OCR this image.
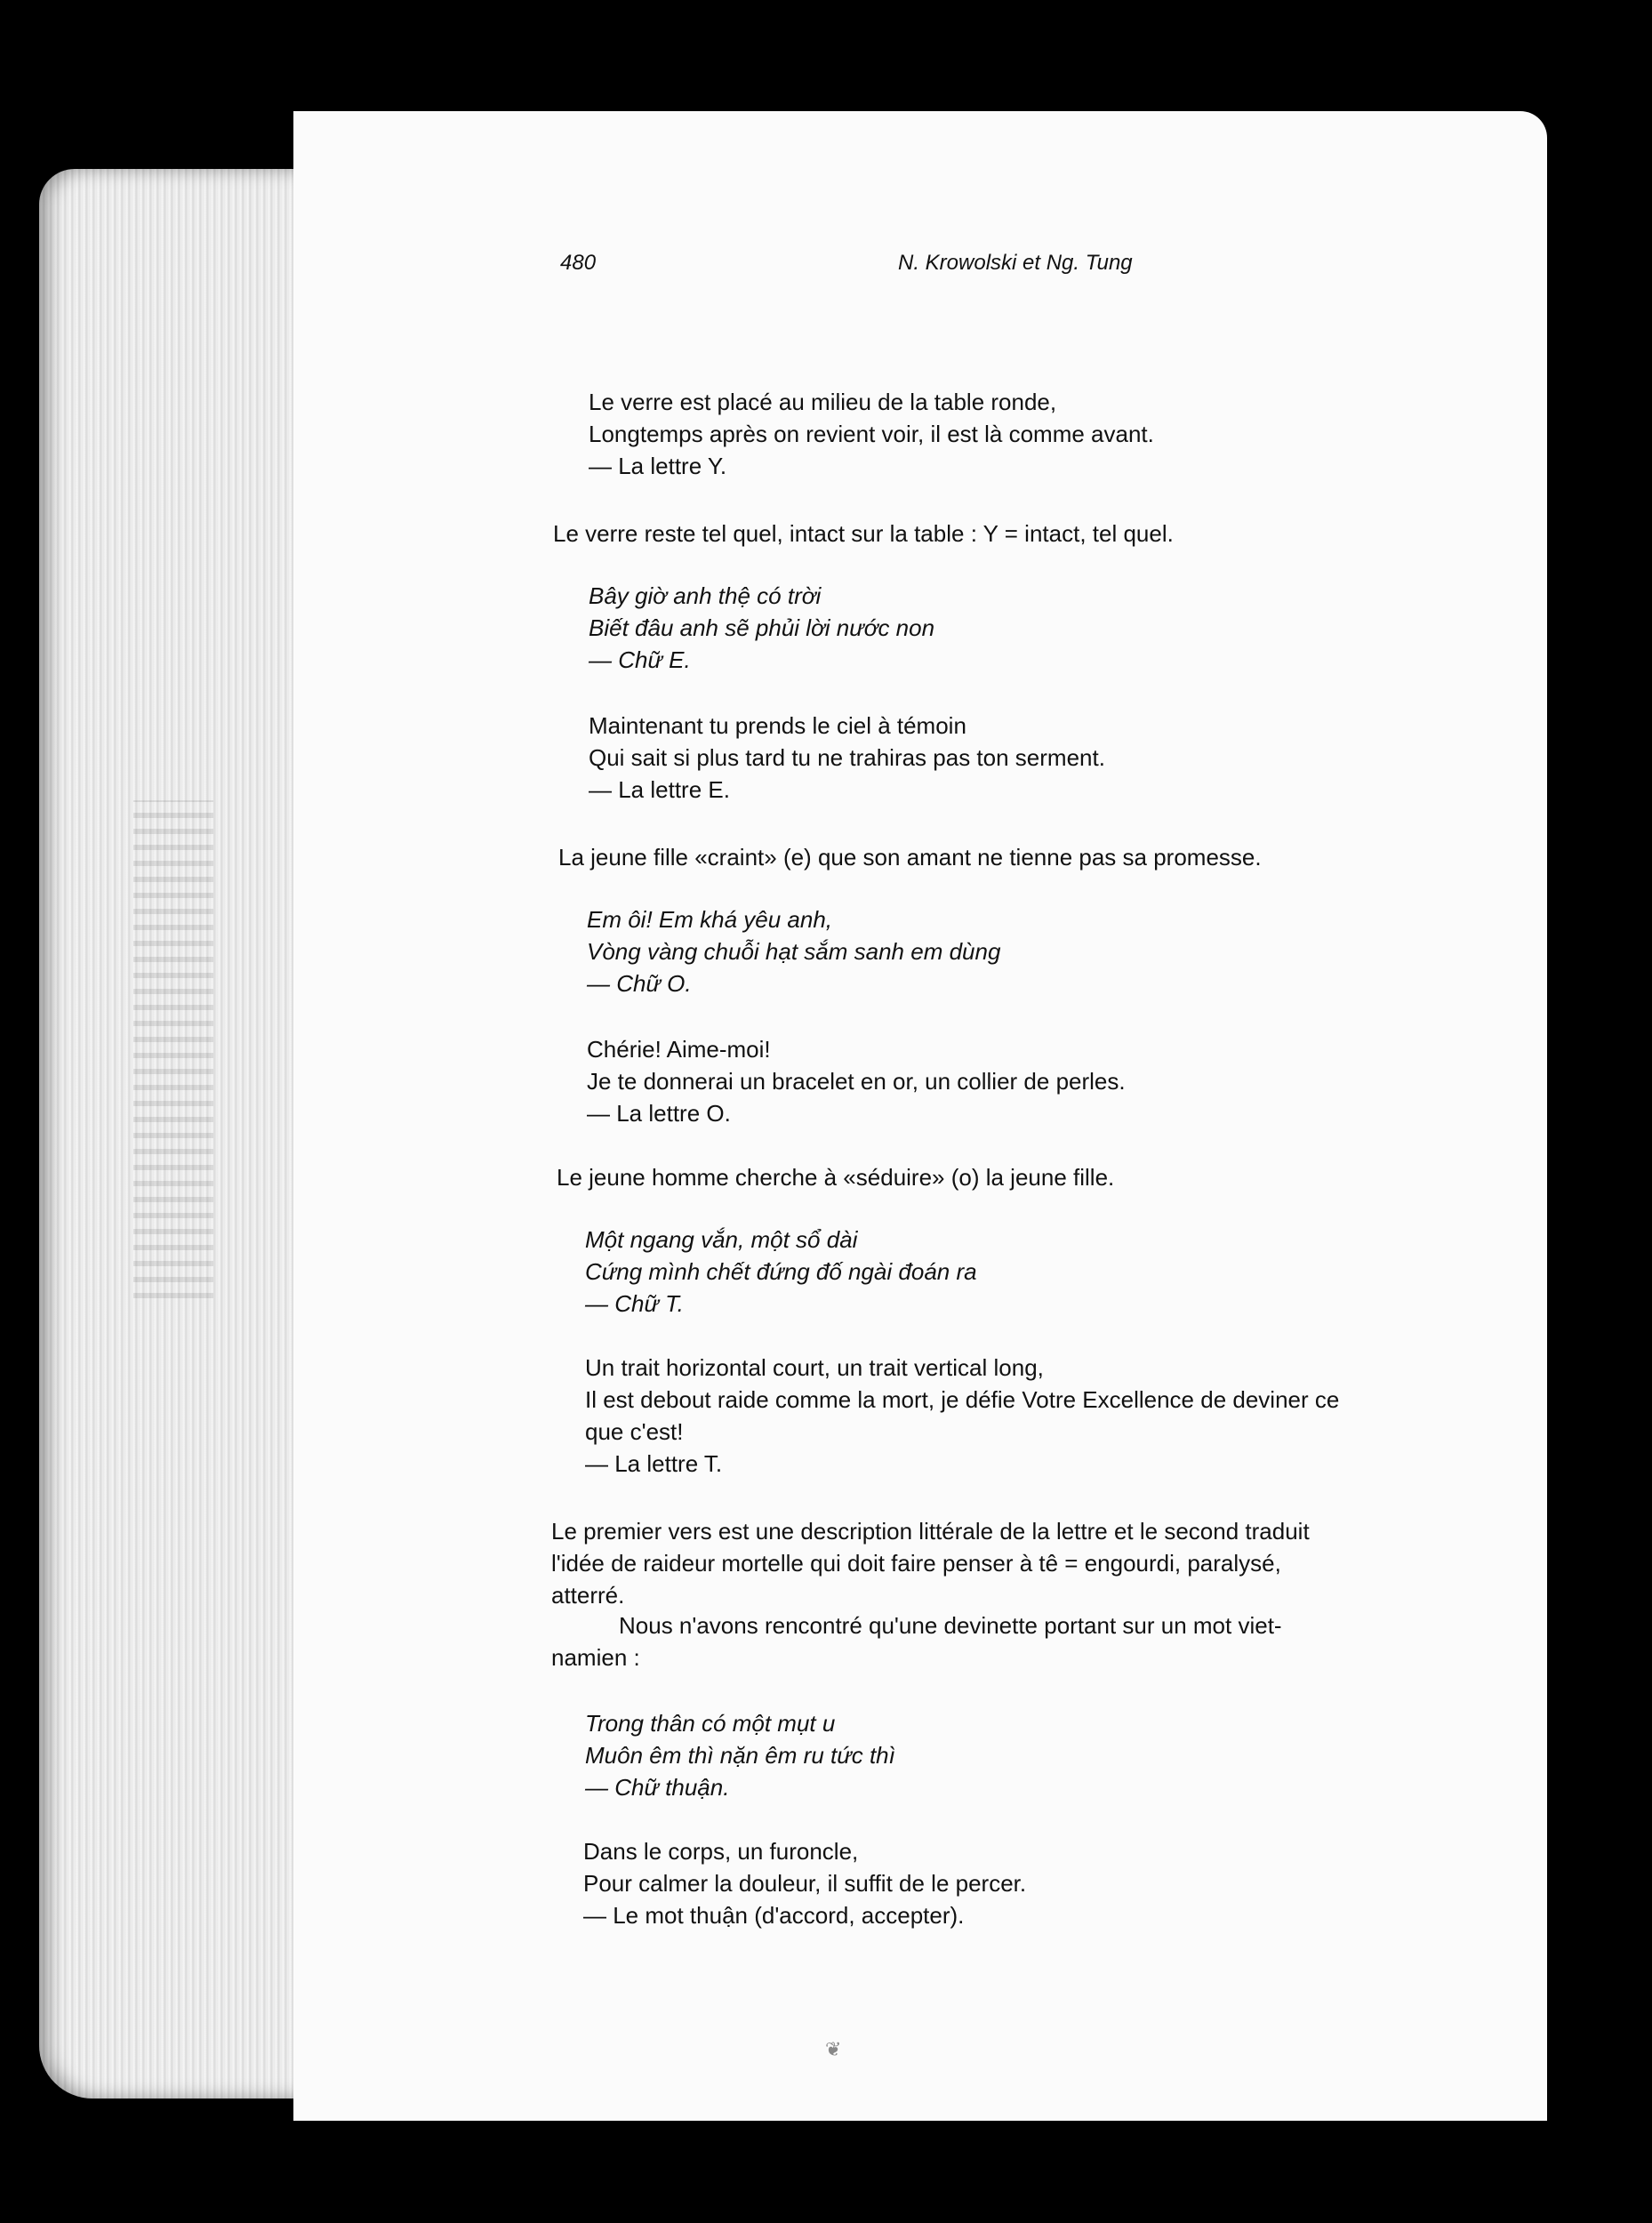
480	N. Krowolski et Ng. Tung
Le verre est placé au milieu de la table ronde,
Longtemps après on revient voir, il est là comme avant.
— La lettre Y.
Le verre reste tel quel, intact sur la table : Y = intact, tel quel.
Bây giờ anh thệ có trời
Biết đâu anh sẽ phủi lời nước non
— Chữ E.
Maintenant tu prends le ciel à témoin
Qui sait si plus tard tu ne trahiras pas ton serment.
— La lettre E.
La jeune fille «craint» (e) que son amant ne tienne pas sa promesse.
Em ôi! Em khá yêu anh,
Vòng vàng chuỗi hạt sắm sanh em dùng
— Chữ O.
Chérie! Aime-moi!
Je te donnerai un bracelet en or, un collier de perles.
— La lettre O.
Le jeune homme cherche à «séduire» (o) la jeune fille.
Một ngang vắn, một sổ dài
Cứng mình chết đứng đố ngài đoán ra
— Chữ T.
Un trait horizontal court, un trait vertical long,
Il est debout raide comme la mort, je défie Votre Excellence de deviner ce
que c'est!
— La lettre T.
Le premier vers est une description littérale de la lettre et le second traduit
l'idée de raideur mortelle qui doit faire penser à tê = engourdi, paralysé,
atterré.
Nous n'avons rencontré qu'une devinette portant sur un mot viet-
namien :
Trong thân có một mụt u
Muôn êm thì nặn êm ru tức thì
— Chữ thuận.
Dans le corps, un furoncle,
Pour calmer la douleur, il suffit de le percer.
— Le mot thuận (d'accord, accepter).
❦
